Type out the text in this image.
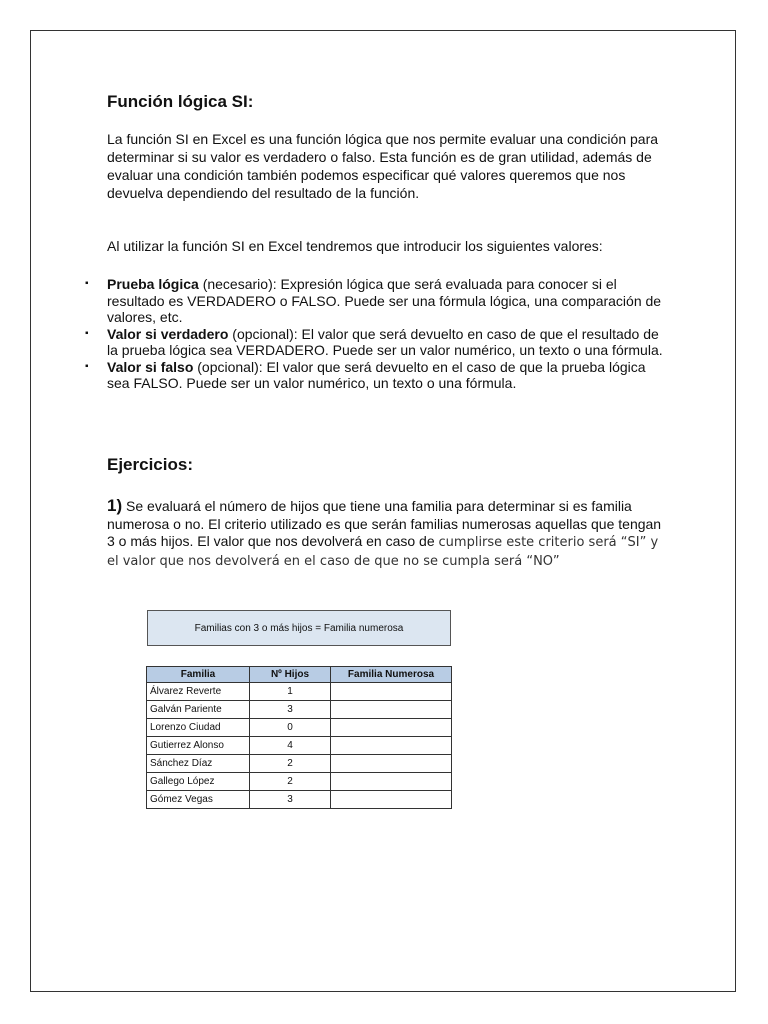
Función lógica SI:

La función SI en Excel es una función lógica que nos permite evaluar una condición para determinar si su valor es verdadero o falso. Esta función es de gran utilidad, además de evaluar una condición también podemos especificar qué valores queremos que nos devuelva dependiendo del resultado de la función.

Al utilizar la función SI en Excel tendremos que introducir los siguientes valores:

▪ Prueba lógica (necesario): Expresión lógica que será evaluada para conocer si el resultado es VERDADERO o FALSO. Puede ser una fórmula lógica, una comparación de valores, etc.
▪ Valor si verdadero (opcional): El valor que será devuelto en caso de que el resultado de la prueba lógica sea VERDADERO. Puede ser un valor numérico, un texto o una fórmula.
▪ Valor si falso (opcional): El valor que será devuelto en el caso de que la prueba lógica sea FALSO. Puede ser un valor numérico, un texto o una fórmula.
Ejercicios:

1) Se evaluará el número de hijos que tiene una familia para determinar si es familia numerosa o no. El criterio utilizado es que serán familias numerosas aquellas que tengan 3 o más hijos. El valor que nos devolverá en caso de cumplirse este criterio será “SI” y el valor que nos devolverá en el caso de que no se cumpla será “NO”

Familias con 3 o más hijos = Familia numerosa
Familia	Nº Hijos	Familia Numerosa
Álvarez Reverte	1	
Galván Pariente	3	
Lorenzo Ciudad	0	
Gutierrez Alonso	4	
Sánchez Díaz	2	
Gallego López	2	
Gómez Vegas	3	
